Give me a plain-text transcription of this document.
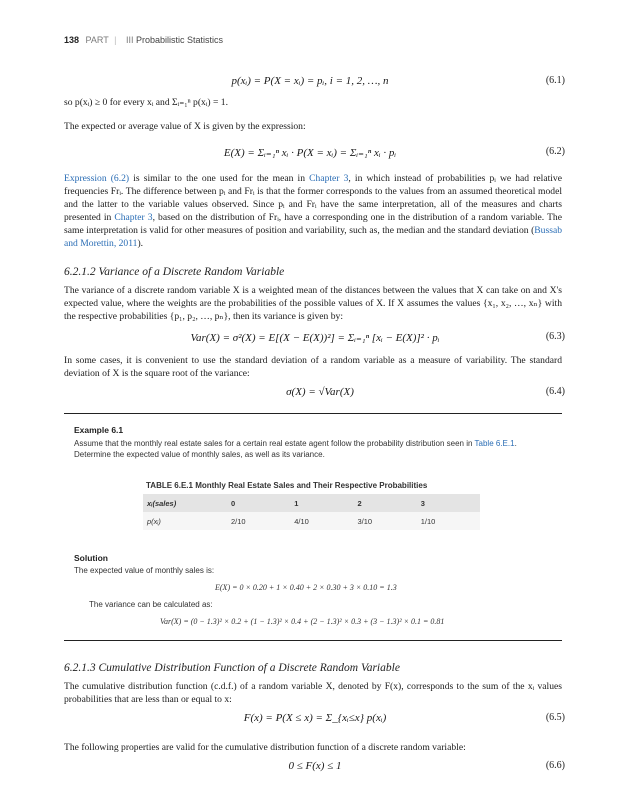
138 PART | III Probabilistic Statistics
p(xᵢ) = P(X = xᵢ) = pᵢ, i = 1, 2, …, n	(6.1)
so p(xᵢ) ≥ 0 for every xᵢ and Σᵢ₌₁ⁿ p(xᵢ) = 1.
The expected or average value of X is given by the expression:
E(X) = Σᵢ₌₁ⁿ xᵢ · P(X = xᵢ) = Σᵢ₌₁ⁿ xᵢ · pᵢ	(6.2)
Expression (6.2) is similar to the one used for the mean in Chapter 3, in which instead of probabilities pᵢ we had relative frequencies Frᵢ. The difference between pᵢ and Frᵢ is that the former corresponds to the values from an assumed theoretical model and the latter to the variable values observed. Since pᵢ and Frᵢ have the same interpretation, all of the measures and charts presented in Chapter 3, based on the distribution of Frᵢ, have a corresponding one in the distribution of a random variable. The same interpretation is valid for other measures of position and variability, such as, the median and the standard deviation (Bussab and Morettin, 2011).
6.2.1.2 Variance of a Discrete Random Variable
The variance of a discrete random variable X is a weighted mean of the distances between the values that X can take on and X's expected value, where the weights are the probabilities of the possible values of X. If X assumes the values {x₁, x₂, …, xₙ} with the respective probabilities {p₁, p₂, …, pₙ}, then its variance is given by:
Var(X) = σ²(X) = E[(X − E(X))²] = Σᵢ₌₁ⁿ [xᵢ − E(X)]² · pᵢ	(6.3)
In some cases, it is convenient to use the standard deviation of a random variable as a measure of variability. The standard deviation of X is the square root of the variance:
σ(X) = √Var(X)	(6.4)
Example 6.1
Assume that the monthly real estate sales for a certain real estate agent follow the probability distribution seen in Table 6.E.1. Determine the expected value of monthly sales, as well as its variance.
TABLE 6.E.1 Monthly Real Estate Sales and Their Respective Probabilities
xᵢ(sales)	0	1	2	3
p(xᵢ)	2/10	4/10	3/10	1/10
Solution
The expected value of monthly sales is:
E(X) = 0 × 0.20 + 1 × 0.40 + 2 × 0.30 + 3 × 0.10 = 1.3
The variance can be calculated as:
Var(X) = (0 − 1.3)² × 0.2 + (1 − 1.3)² × 0.4 + (2 − 1.3)² × 0.3 + (3 − 1.3)² × 0.1 = 0.81
6.2.1.3 Cumulative Distribution Function of a Discrete Random Variable
The cumulative distribution function (c.d.f.) of a random variable X, denoted by F(x), corresponds to the sum of the xᵢ values probabilities that are less than or equal to x:
F(x) = P(X ≤ x) = Σ_{xᵢ≤x} p(xᵢ)	(6.5)
The following properties are valid for the cumulative distribution function of a discrete random variable:
0 ≤ F(x) ≤ 1	(6.6)
